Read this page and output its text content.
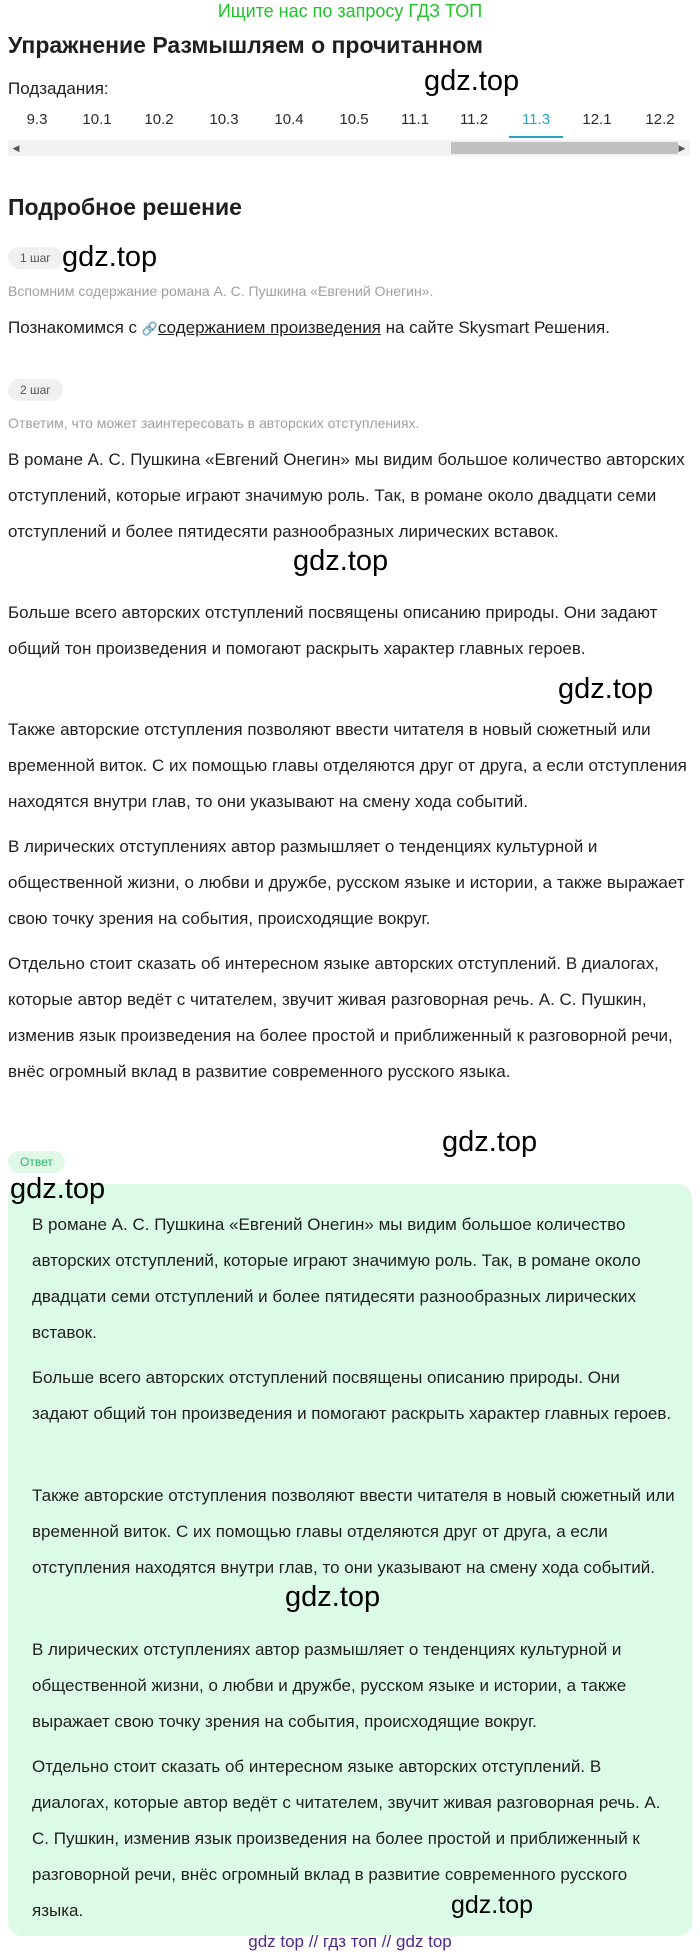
Ищите нас по запросу ГДЗ ТОП
Упражнение Размышляем о прочитанном
gdz.top
Подзадания:
9.3	10.1	10.2	10.3	10.4	10.5	11.1	11.2	11.3	12.1	12.2
◀	▶
Подробное решение
1 шаг gdz.top
Вспомним содержание романа А. С. Пушкина «Евгений Онегин».
Познакомимся с 🔗содержанием произведения на сайте Skysmart Решения.
2 шаг
Ответим, что может заинтересовать в авторских отступлениях.
В романе А. С. Пушкина «Евгений Онегин» мы видим большое количество авторских отступлений, которые играют значимую роль. Так, в романе около двадцати семи отступлений и более пятидесяти разнообразных лирических вставок.
gdz.top
Больше всего авторских отступлений посвящены описанию природы. Они задают общий тон произведения и помогают раскрыть характер главных героев.
gdz.top
Также авторские отступления позволяют ввести читателя в новый сюжетный или временной виток. С их помощью главы отделяются друг от друга, а если отступления находятся внутри глав, то они указывают на смену хода событий.
В лирических отступлениях автор размышляет о тенденциях культурной и общественной жизни, о любви и дружбе, русском языке и истории, а также выражает свою точку зрения на события, происходящие вокруг.
Отдельно стоит сказать об интересном языке авторских отступлений. В диалогах, которые автор ведёт с читателем, звучит живая разговорная речь. А. С. Пушкин, изменив язык произведения на более простой и приближенный к разговорной речи, внёс огромный вклад в развитие современного русского языка.
Ответ
gdz.top
gdz.top
В романе А. С. Пушкина «Евгений Онегин» мы видим большое количество авторских отступлений, которые играют значимую роль. Так, в романе около двадцати семи отступлений и более пятидесяти разнообразных лирических вставок.
Больше всего авторских отступлений посвящены описанию природы. Они задают общий тон произведения и помогают раскрыть характер главных героев.
Также авторские отступления позволяют ввести читателя в новый сюжетный или временной виток. С их помощью главы отделяются друг от друга, а если отступления находятся внутри глав, то они указывают на смену хода событий.
gdz.top
В лирических отступлениях автор размышляет о тенденциях культурной и общественной жизни, о любви и дружбе, русском языке и истории, а также выражает свою точку зрения на события, происходящие вокруг.
Отдельно стоит сказать об интересном языке авторских отступлений. В диалогах, которые автор ведёт с читателем, звучит живая разговорная речь. А. С. Пушкин, изменив язык произведения на более простой и приближенный к разговорной речи, внёс огромный вклад в развитие современного русского языка.	gdz.top
gdz top // гдз топ // gdz top
